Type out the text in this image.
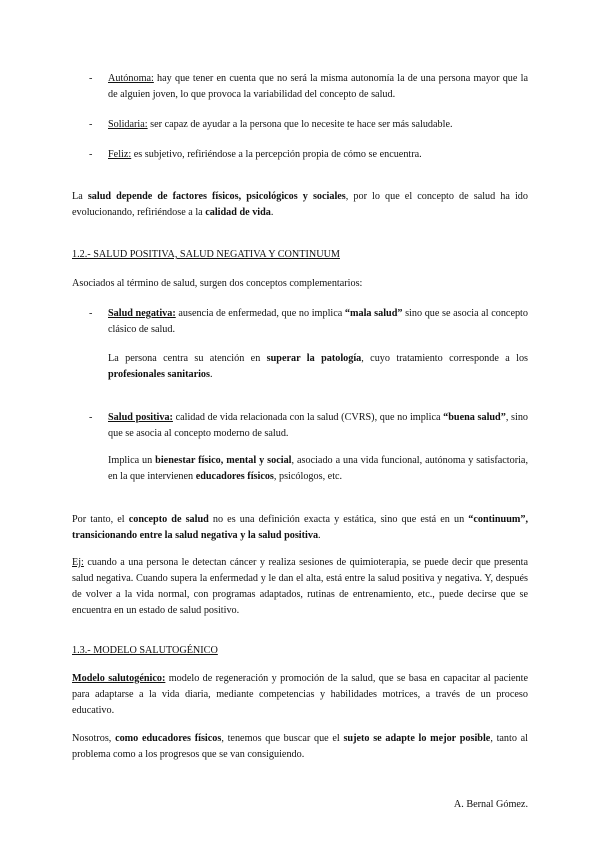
- Autónoma: hay que tener en cuenta que no será la misma autonomía la de una persona mayor que la de alguien joven, lo que provoca la variabilidad del concepto de salud.
- Solidaria: ser capaz de ayudar a la persona que lo necesite te hace ser más saludable.
- Feliz: es subjetivo, refiriéndose a la percepción propia de cómo se encuentra.
La salud depende de factores físicos, psicológicos y sociales, por lo que el concepto de salud ha ido evolucionando, refiriéndose a la calidad de vida.
1.2.- SALUD POSITIVA, SALUD NEGATIVA Y CONTINUUM
Asociados al término de salud, surgen dos conceptos complementarios:
- Salud negativa: ausencia de enfermedad, que no implica “mala salud” sino que se asocia al concepto clásico de salud.
La persona centra su atención en superar la patología, cuyo tratamiento corresponde a los profesionales sanitarios.
- Salud positiva: calidad de vida relacionada con la salud (CVRS), que no implica “buena salud”, sino que se asocia al concepto moderno de salud.
Implica un bienestar físico, mental y social, asociado a una vida funcional, autónoma y satisfactoria, en la que intervienen educadores físicos, psicólogos, etc.
Por tanto, el concepto de salud no es una definición exacta y estática, sino que está en un “continuum”, transicionando entre la salud negativa y la salud positiva.
Ej: cuando a una persona le detectan cáncer y realiza sesiones de quimioterapia, se puede decir que presenta salud negativa. Cuando supera la enfermedad y le dan el alta, está entre la salud positiva y negativa. Y, después de volver a la vida normal, con programas adaptados, rutinas de entrenamiento, etc., puede decirse que se encuentra en un estado de salud positivo.
1.3.- MODELO SALUTOGÉNICO
Modelo salutogénico: modelo de regeneración y promoción de la salud, que se basa en capacitar al paciente para adaptarse a la vida diaria, mediante competencias y habilidades motrices, a través de un proceso educativo.
Nosotros, como educadores físicos, tenemos que buscar que el sujeto se adapte lo mejor posible, tanto al problema como a los progresos que se van consiguiendo.
A. Bernal Gómez.
